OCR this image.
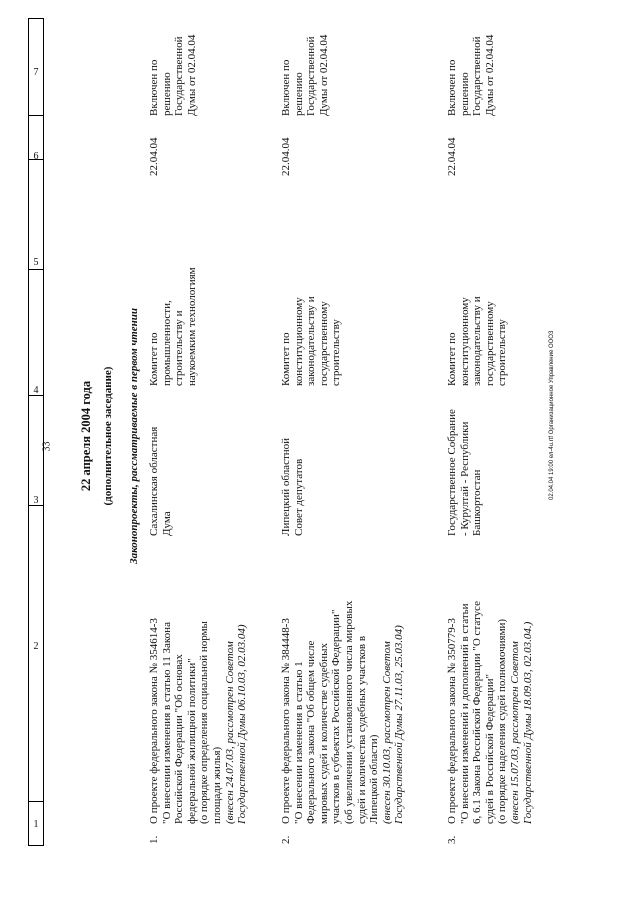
33
1
2
3
4
5
6
7
22 апреля 2004 года (дополнительное заседание) Законопроекты, рассматриваемые в первом чтении
1.
О проекте федерального закона № 354614-3 "О внесении изменения в статью 11 Закона Российской Федерации "Об основах федеральной жилищной политики" (о порядке определения социальной нормы площади жилья) (внесен 24.07.03, рассмотрен Советом Государственной Думы 06.10.03, 02.03.04)
Сахалинская областная Дума
Комитет по промышленности, строительству и наукоемким технологиям
22.04.04
Включен по решению Государственной Думы от 02.04.04
2.
О проекте федерального закона № 384448-3 "О внесении изменения в статью 1 Федерального закона "Об общем числе мировых судей и количестве судебных участков в субъектах Российской Федерации" (об увеличении установленного числа мировых судей и количества судебных участков в Липецкой области) (внесен 30.10.03, рассмотрен Советом Государственной Думы 27.11.03, 25.03.04)
Липецкий областной Совет депутатов
Комитет по конституционному законодательству и государственному строительству
22.04.04
Включен по решению Государственной Думы от 02.04.04
3.
О проекте федерального закона № 350779-3 "О внесении изменений и дополнений в статьи 6, 6.1 Закона Российской Федерации "О статусе судей в Российской Федерации" (о порядке наделения судей полномочиями) (внесен 15.07.03, рассмотрен Советом Государственной Думы 18.09.03, 02.03.04.)
Государственное Собрание - Курултай - Республики Башкортостан
Комитет по конституционному законодательству и государственному строительству
22.04.04
Включен по решению Государственной Думы от 02.04.04
02.04.04 19:00 ел-4u.rtf Организационное Управление ООО3
